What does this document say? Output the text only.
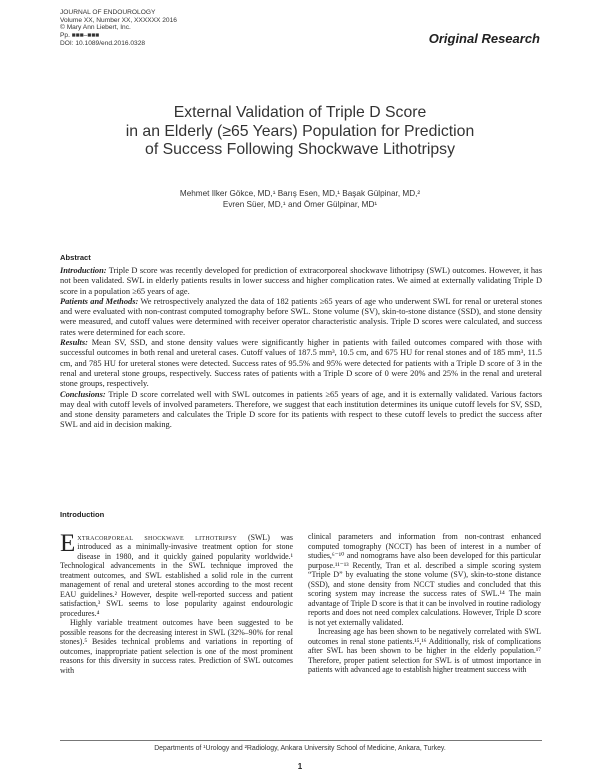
JOURNAL OF ENDOUROLOGY
Volume XX, Number XX, XXXXXX 2016
© Mary Ann Liebert, Inc.
Pp. ■■■–■■■
DOI: 10.1089/end.2016.0328	Original Research
External Validation of Triple D Score
in an Elderly (≥65 Years) Population for Prediction
of Success Following Shockwave Lithotripsy
Mehmet Ilker Gökce, MD,¹ Barış Esen, MD,¹ Başak Gülpinar, MD,²
Evren Süer, MD,¹ and Ömer Gülpinar, MD¹
Abstract

Introduction: Triple D score was recently developed for prediction of extracorporeal shockwave lithotripsy (SWL) outcomes. However, it has not been validated. SWL in elderly patients results in lower success and higher complication rates. We aimed at externally validating Triple D score in a population ≥65 years of age.

Patients and Methods: We retrospectively analyzed the data of 182 patients ≥65 years of age who underwent SWL for renal or ureteral stones and were evaluated with non-contrast computed tomography before SWL. Stone volume (SV), skin-to-stone distance (SSD), and stone density were measured, and cutoff values were determined with receiver operator characteristic analysis. Triple D scores were calculated, and success rates were determined for each score.

Results: Mean SV, SSD, and stone density values were significantly higher in patients with failed outcomes compared with those with successful outcomes in both renal and ureteral cases. Cutoff values of 187.5 mm³, 10.5 cm, and 675 HU for renal stones and of 185 mm³, 11.5 cm, and 785 HU for ureteral stones were detected. Success rates of 95.5% and 95% were detected for patients with a Triple D score of 3 in the renal and ureteral stone groups, respectively. Success rates of patients with a Triple D score of 0 were 20% and 25% in the renal and ureteral stone groups, respectively.

Conclusions: Triple D score correlated well with SWL outcomes in patients ≥65 years of age, and it is externally validated. Various factors may deal with cutoff levels of involved parameters. Therefore, we suggest that each institution determines its unique cutoff levels for SV, SSD, and stone density parameters and calculates the Triple D score for its patients with respect to these cutoff levels to predict the success after SWL and aid in decision making.

Introduction

Extracorporeal shockwave lithotripsy (SWL) was introduced as a minimally-invasive treatment option for stone disease in 1980, and it quickly gained popularity worldwide.¹ Technological advancements in the SWL technique improved the treatment outcomes, and SWL established a solid role in the current management of renal and ureteral stones according to the most recent EAU guidelines.² However, despite well-reported success and patient satisfaction,³ SWL seems to lose popularity against endourologic procedures.⁴

Highly variable treatment outcomes have been suggested to be possible reasons for the decreasing interest in SWL (32%–90% for renal stones).⁵ Besides technical problems and variations in reporting of outcomes, inappropriate patient selection is one of the most prominent reasons for this diversity in success rates. Prediction of SWL outcomes with

clinical parameters and information from non-contrast enhanced computed tomography (NCCT) has been of interest in a number of studies,⁶⁻¹⁰ and nomograms have also been developed for this particular purpose.¹¹⁻¹³ Recently, Tran et al. described a simple scoring system “Triple D” by evaluating the stone volume (SV), skin-to-stone distance (SSD), and stone density from NCCT studies and concluded that this scoring system may increase the success rates of SWL.¹⁴ The main advantage of Triple D score is that it can be involved in routine radiology reports and does not need complex calculations. However, Triple D score is not yet externally validated.

Increasing age has been shown to be negatively correlated with SWL outcomes in renal stone patients.¹⁵,¹⁶ Additionally, risk of complications after SWL has been shown to be higher in the elderly population.¹⁷ Therefore, proper patient selection for SWL is of utmost importance in patients with advanced age to establish higher treatment success with

Departments of ¹Urology and ²Radiology, Ankara University School of Medicine, Ankara, Turkey.
1
